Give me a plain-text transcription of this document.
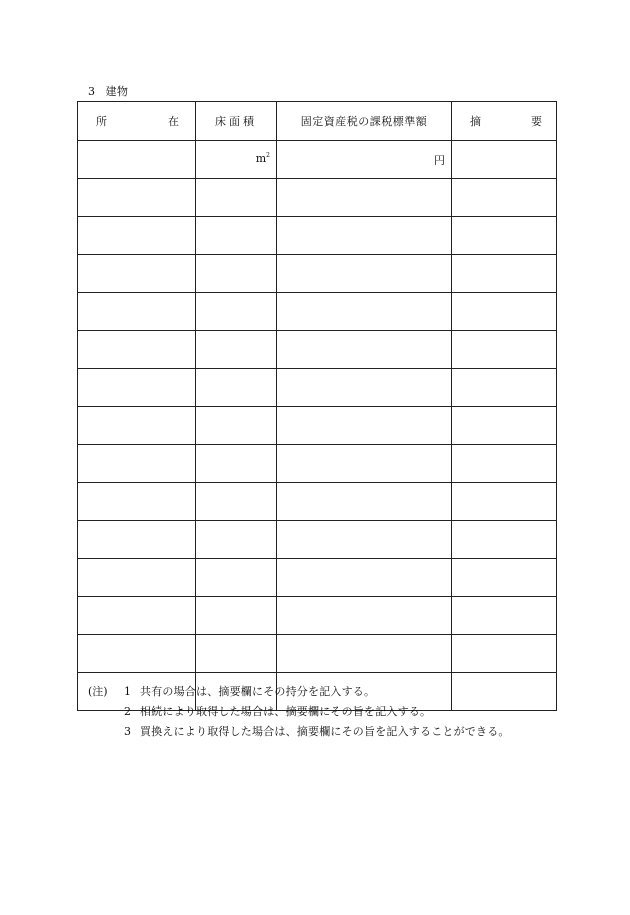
3 建物
所 在	床面積	固定資産税の課税標準額	摘 要

	$m^2$	円	

(注)	1 共有の場合は、摘要欄にその持分を記入する。
2 相続により取得した場合は、摘要欄にその旨を記入する。
3 買換えにより取得した場合は、摘要欄にその旨を記入することができる。
